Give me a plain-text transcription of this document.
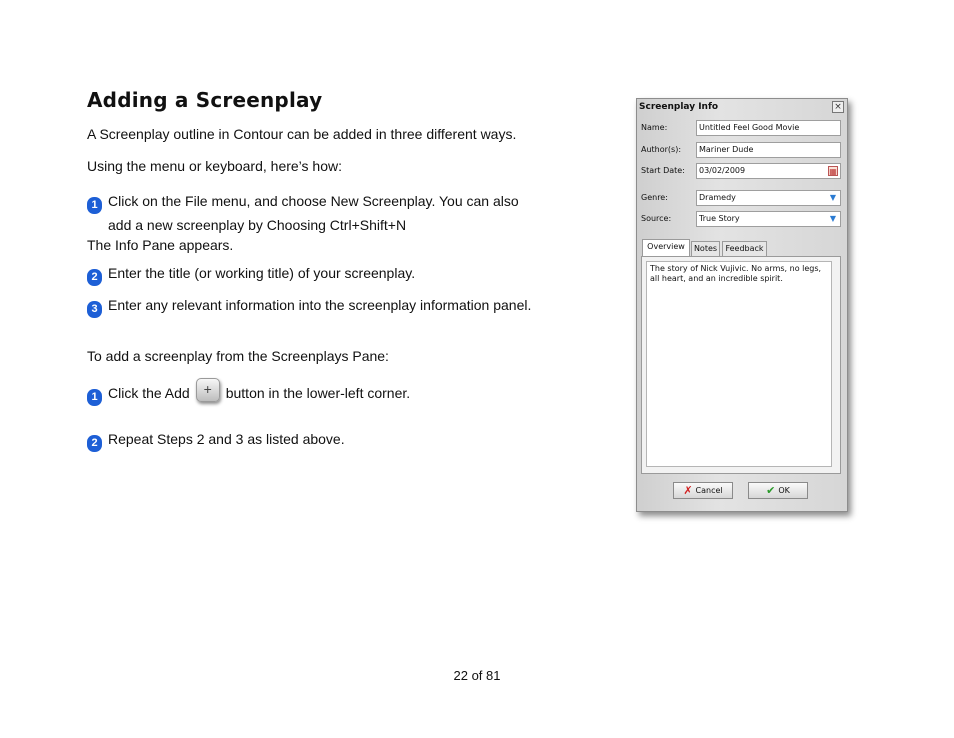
Adding a Screenplay
A Screenplay outline in Contour can be added in three different ways.
Using the menu or keyboard, here’s how:
1 Click on the File menu, and choose New Screenplay. You can also
add a new screenplay by Choosing Ctrl+Shift+N
The Info Pane appears.
2 Enter the title (or working title) of your screenplay.
3 Enter any relevant information into the screenplay information panel.
To add a screenplay from the Screenplays Pane:
1 Click the Add + button in the lower-left corner.
2 Repeat Steps 2 and 3 as listed above.
22 of 81
Screenplay Info	×
Name:	Untitled Feel Good Movie
Author(s):	Mariner Dude
Start Date:	03/02/2009	▦
Genre:	Dramedy	▼
Source:	True Story	▼
Overview	Notes	Feedback
The story of Nick Vujivic. No arms, no legs, all heart, and an incredible spirit.
✗ Cancel	✔ OK
